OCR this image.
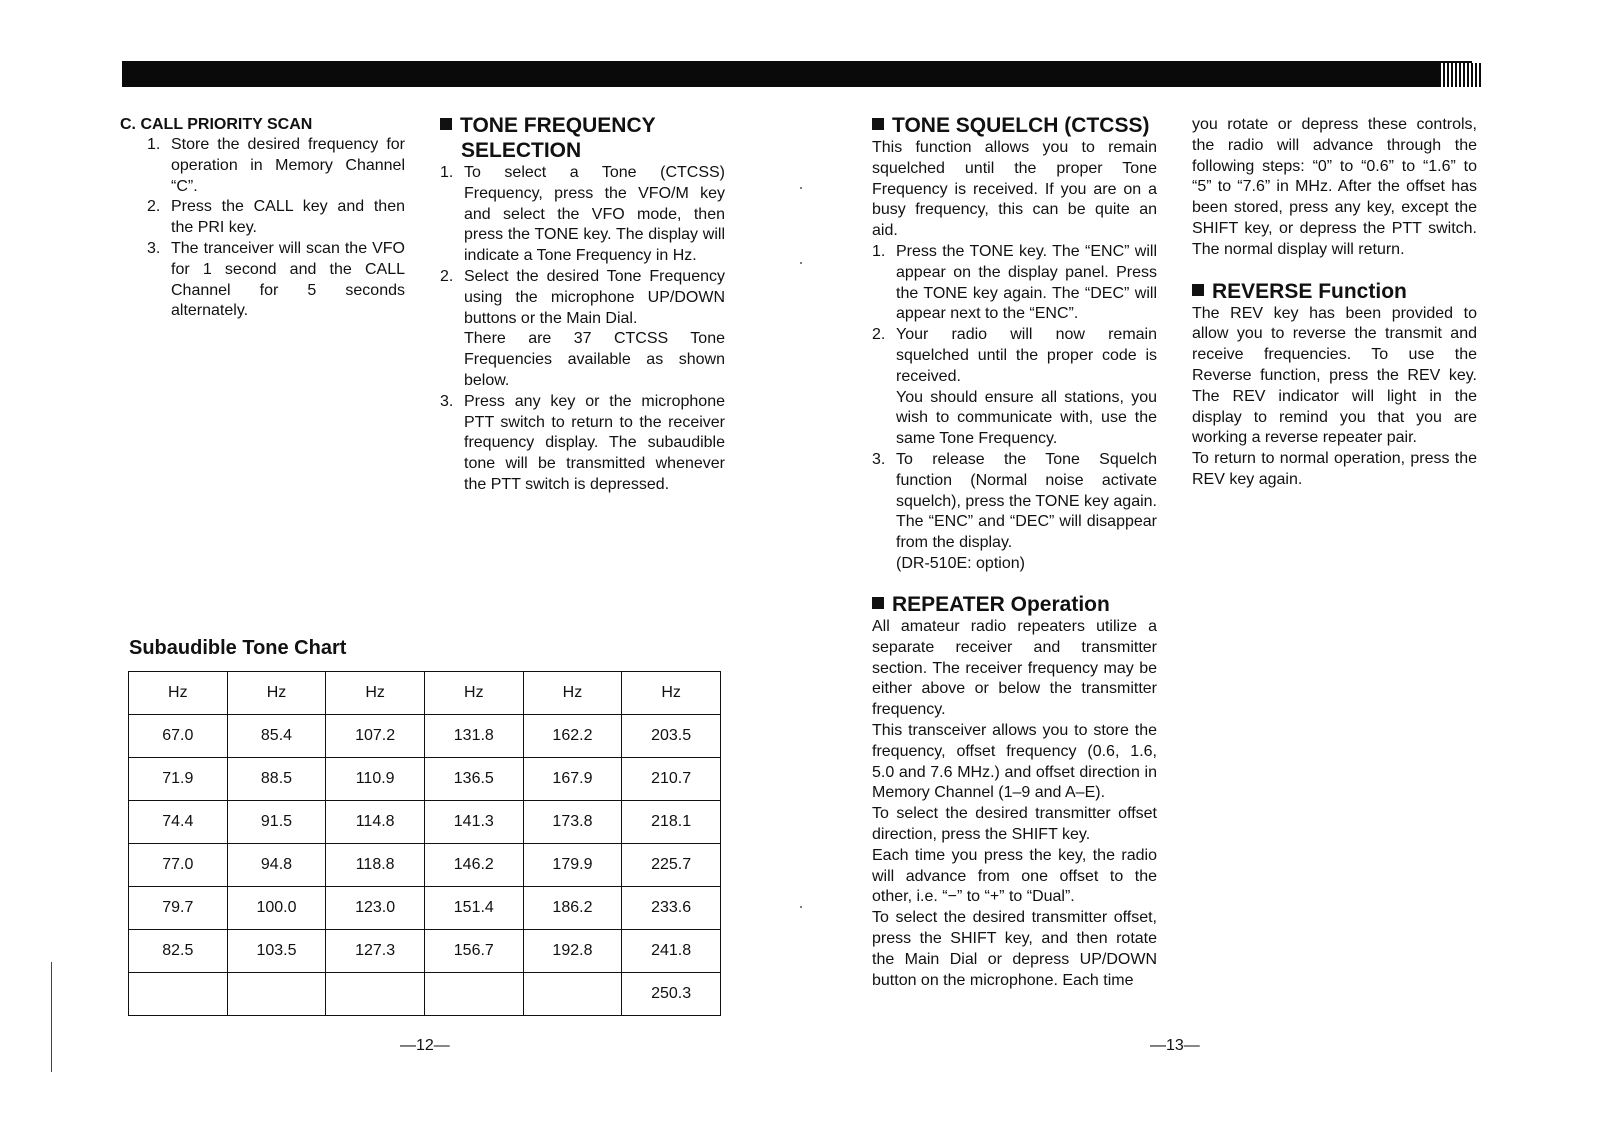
C. CALL PRIORITY SCAN

1. Store the desired frequency for operation in Memory Channel “C”.
2. Press the CALL key and then the PRI key.
3. The tranceiver will scan the VFO for 1 second and the CALL Channel for 5 seconds alternately.

TONE FREQUENCY
SELECTION

1. To select a Tone (CTCSS) Frequency, press the VFO/M key and select the VFO mode, then press the TONE key. The display will indicate a Tone Frequency in Hz.
2. Select the desired Tone Frequency using the microphone UP/DOWN buttons or the Main Dial.
There are 37 CTCSS Tone Frequencies available as shown below.
3. Press any key or the microphone PTT switch to return to the receiver frequency display. The subaudible tone will be transmitted whenever the PTT switch is depressed.
Subaudible Tone Chart
Hz	Hz	Hz	Hz	Hz	Hz
67.0	85.4	107.2	131.8	162.2	203.5
71.9	88.5	110.9	136.5	167.9	210.7
74.4	91.5	114.8	141.3	173.8	218.1
77.0	94.8	118.8	146.2	179.9	225.7
79.7	100.0	123.0	151.4	186.2	233.6
82.5	103.5	127.3	156.7	192.8	241.8
					250.3

TONE SQUELCH (CTCSS)

This function allows you to remain squelched until the proper Tone Frequency is received. If you are on a busy frequency, this can be quite an aid.

1. Press the TONE key. The “ENC” will appear on the display panel. Press the TONE key again. The “DEC” will appear next to the “ENC”.
2. Your radio will now remain squelched until the proper code is received.
You should ensure all stations, you wish to communicate with, use the same Tone Frequency.
3. To release the Tone Squelch function (Normal noise activate squelch), press the TONE key again. The “ENC” and “DEC” will disappear from the display.
(DR-510E: option)

REPEATER Operation

All amateur radio repeaters utilize a separate receiver and transmitter section. The receiver frequency may be either above or below the transmitter frequency.

This transceiver allows you to store the frequency, offset frequency (0.6, 1.6, 5.0 and 7.6 MHz.) and offset direction in Memory Channel (1–9 and A–E).

To select the desired transmitter offset direction, press the SHIFT key.

Each time you press the key, the radio will advance from one offset to the other, i.e. “−” to “+” to “Dual”.

To select the desired transmitter offset, press the SHIFT key, and then rotate the Main Dial or depress UP/DOWN button on the microphone. Each time

you rotate or depress these controls, the radio will advance through the following steps: “0” to “0.6” to “1.6” to “5” to “7.6” in MHz. After the offset has been stored, press any key, except the SHIFT key, or depress the PTT switch. The normal display will return.

REVERSE Function

The REV key has been provided to allow you to reverse the transmit and receive frequencies. To use the Reverse function, press the REV key. The REV indicator will light in the display to remind you that you are working a reverse repeater pair.

To return to normal operation, press the REV key again.

—12—	—13—
